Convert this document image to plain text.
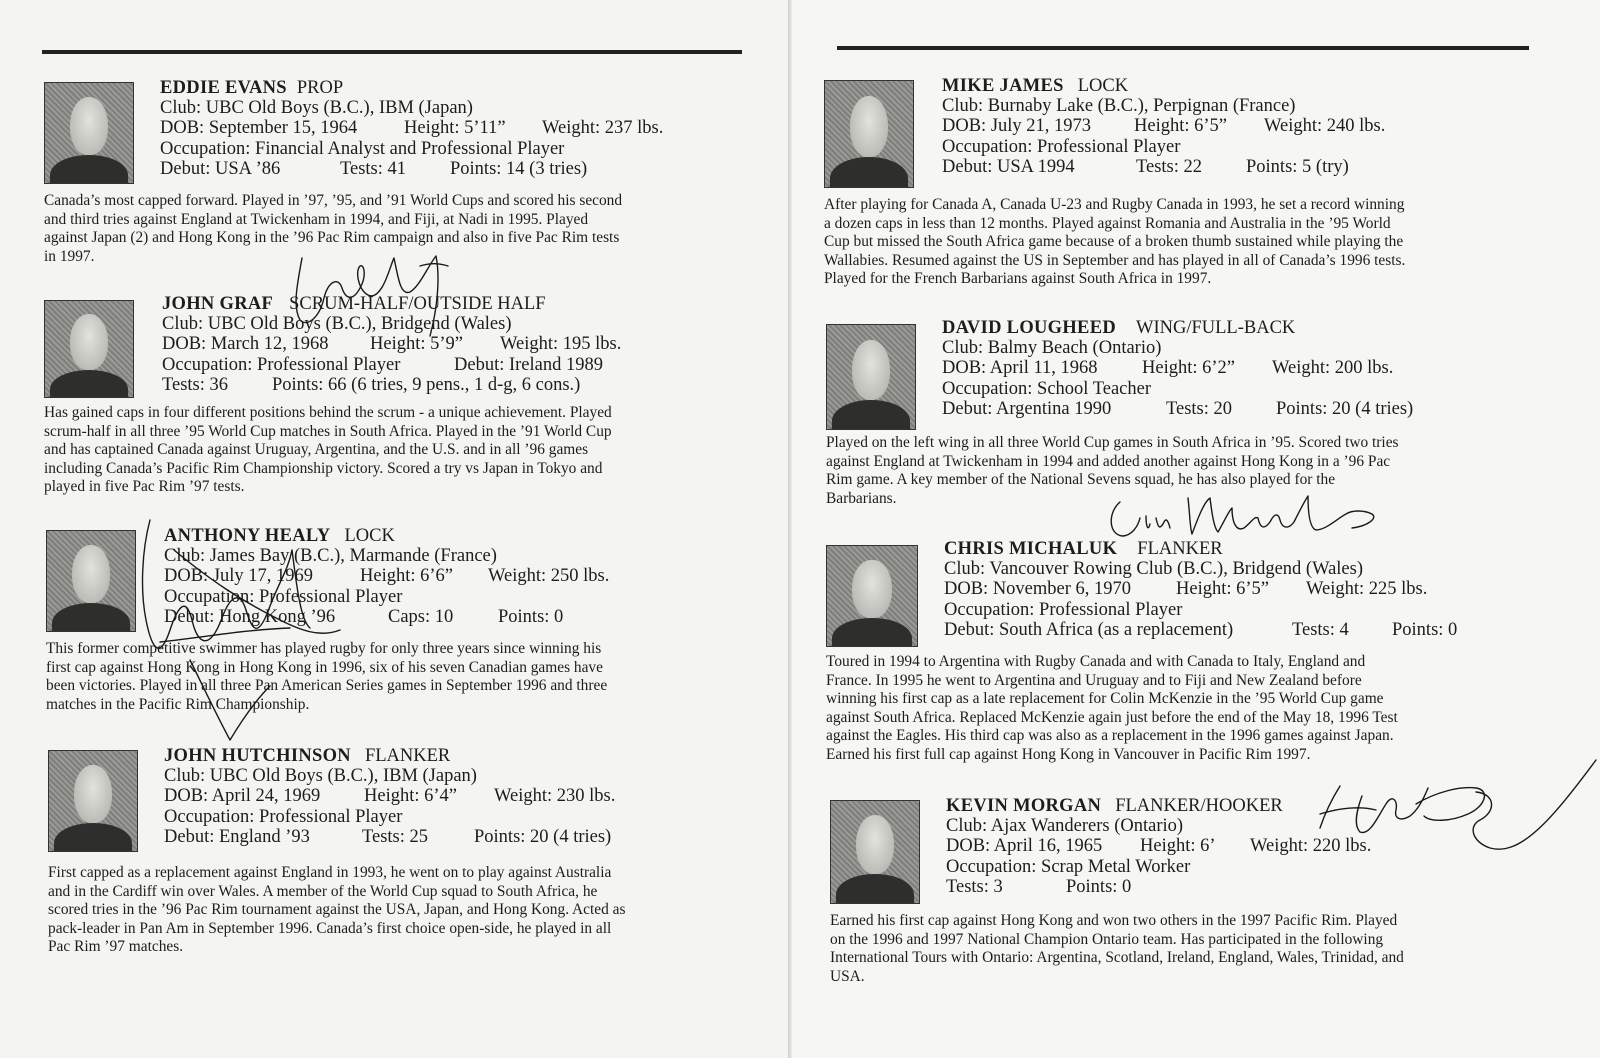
EDDIE EVANS PROP
Club: UBC Old Boys (B.C.), IBM (Japan)
DOB: September 15, 1964	Height: 5’11” Weight: 237 lbs.
Occupation: Financial Analyst and Professional Player
Debut: USA ’86	Tests: 41 Points: 14 (3 tries)
Canada’s most capped forward. Played in ’97, ’95, and ’91 World Cups and scored his second
and third tries against England at Twickenham in 1994, and Fiji, at Nadi in 1995. Played
against Japan (2) and Hong Kong in the ’96 Pac Rim campaign and also in five Pac Rim tests
in 1997.
JOHN GRAF SCRUM-HALF/OUTSIDE HALF
Club: UBC Old Boys (B.C.), Bridgend (Wales)
DOB: March 12, 1968 Height: 5’9” Weight: 195 lbs.
Occupation: Professional Player	Debut: Ireland 1989
Tests: 36 Points: 66 (6 tries, 9 pens., 1 d-g, 6 cons.)
Has gained caps in four different positions behind the scrum - a unique achievement. Played
scrum-half in all three ’95 World Cup matches in South Africa. Played in the ’91 World Cup
and has captained Canada against Uruguay, Argentina, and the U.S. and in all ’96 games
including Canada’s Pacific Rim Championship victory. Scored a try vs Japan in Tokyo and
played in five Pac Rim ’97 tests.
ANTHONY HEALY LOCK
Club: James Bay (B.C.), Marmande (France)
DOB: July 17, 1969	Height: 6’6” Weight: 250 lbs.
Occupation: Professional Player
Debut: Hong Kong ’96	Caps: 10 Points: 0
This former competitive swimmer has played rugby for only three years since winning his
first cap against Hong Kong in Hong Kong in 1996, six of his seven Canadian games have
been victories. Played in all three Pan American Series games in September 1996 and three
matches in the Pacific Rim Championship.
JOHN HUTCHINSON FLANKER
Club: UBC Old Boys (B.C.), IBM (Japan)
DOB: April 24, 1969 Height: 6’4” Weight: 230 lbs.
Occupation: Professional Player
Debut: England ’93	Tests: 25 Points: 20 (4 tries)
First capped as a replacement against England in 1993, he went on to play against Australia
and in the Cardiff win over Wales. A member of the World Cup squad to South Africa, he
scored tries in the ’96 Pac Rim tournament against the USA, Japan, and Hong Kong. Acted as
pack-leader in Pan Am in September 1996. Canada’s first choice open-side, he played in all
Pac Rim ’97 matches.
MIKE JAMES LOCK
Club: Burnaby Lake (B.C.), Perpignan (France)
DOB: July 21, 1973 Height: 6’5” Weight: 240 lbs.
Occupation: Professional Player
Debut: USA 1994	Tests: 22 Points: 5 (try)
After playing for Canada A, Canada U-23 and Rugby Canada in 1993, he set a record winning
a dozen caps in less than 12 months. Played against Romania and Australia in the ’95 World
Cup but missed the South Africa game because of a broken thumb sustained while playing the
Wallabies. Resumed against the US in September and has played in all of Canada’s 1996 tests.
Played for the French Barbarians against South Africa in 1997.
DAVID LOUGHEED WING/FULL-BACK
Club: Balmy Beach (Ontario)
DOB: April 11, 1968 Height: 6’2” Weight: 200 lbs.
Occupation: School Teacher
Debut: Argentina 1990	Tests: 20 Points: 20 (4 tries)
Played on the left wing in all three World Cup games in South Africa in ’95. Scored two tries
against England at Twickenham in 1994 and added another against Hong Kong in a ’96 Pac
Rim game. A key member of the National Sevens squad, he has also played for the
Barbarians.
CHRIS MICHALUK FLANKER
Club: Vancouver Rowing Club (B.C.), Bridgend (Wales)
DOB: November 6, 1970 Height: 6’5” Weight: 225 lbs.
Occupation: Professional Player
Debut: South Africa (as a replacement)	Tests: 4 Points: 0
Toured in 1994 to Argentina with Rugby Canada and with Canada to Italy, England and
France. In 1995 he went to Argentina and Uruguay and to Fiji and New Zealand before
winning his first cap as a late replacement for Colin McKenzie in the ’95 World Cup game
against South Africa. Replaced McKenzie again just before the end of the May 18, 1996 Test
against the Eagles. His third cap was also as a replacement in the 1996 games against Japan.
Earned his first full cap against Hong Kong in Vancouver in Pacific Rim 1997.
KEVIN MORGAN FLANKER/HOOKER
Club: Ajax Wanderers (Ontario)
DOB: April 16, 1965 Height: 6’ Weight: 220 lbs.
Occupation: Scrap Metal Worker
Tests: 3	Points: 0
Earned his first cap against Hong Kong and won two others in the 1997 Pacific Rim. Played
on the 1996 and 1997 National Champion Ontario team. Has participated in the following
International Tours with Ontario: Argentina, Scotland, Ireland, England, Wales, Trinidad, and
USA.
